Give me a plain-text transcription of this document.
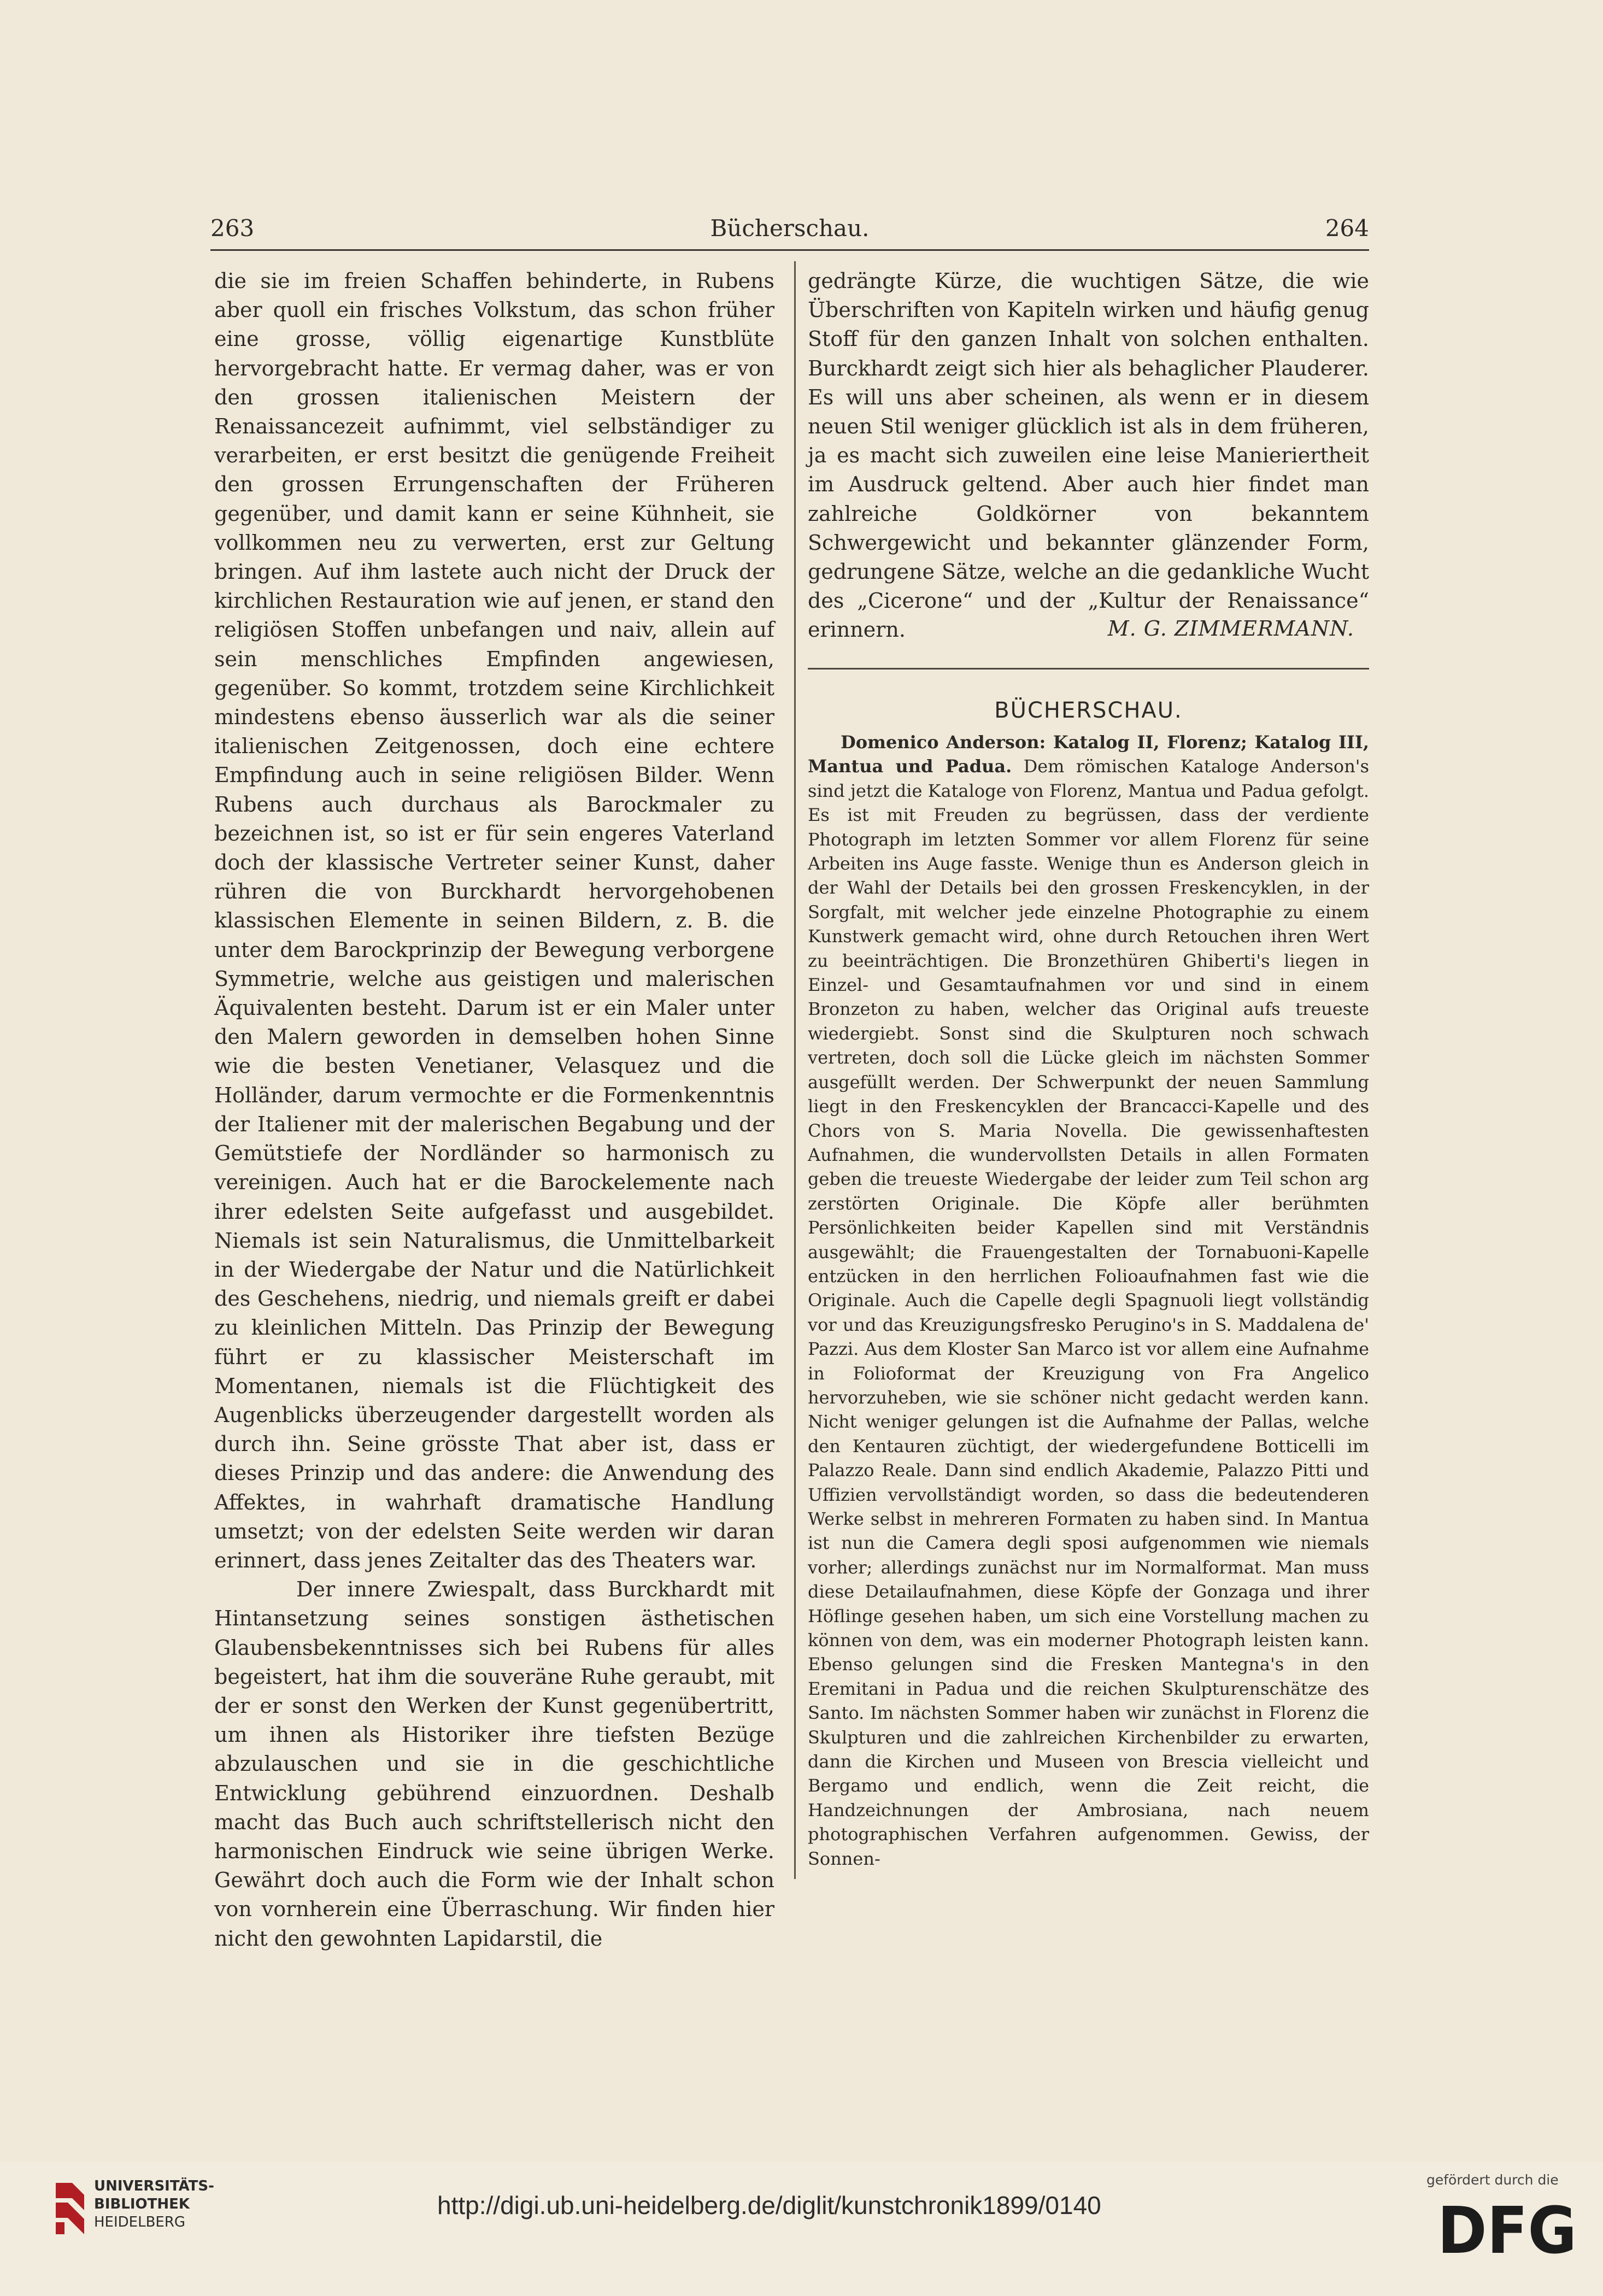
263	Bücherschau.	264

die sie im freien Schaffen behinderte, in Rubens aber quoll ein frisches Volkstum, das schon früher eine grosse, völlig eigenartige Kunstblüte hervorgebracht hatte. Er vermag daher, was er von den grossen italienischen Meistern der Renaissancezeit aufnimmt, viel selbständiger zu verarbeiten, er erst besitzt die genügende Freiheit den grossen Errungenschaften der Früheren gegenüber, und damit kann er seine Kühnheit, sie vollkommen neu zu verwerten, erst zur Geltung bringen. Auf ihm lastete auch nicht der Druck der kirchlichen Restauration wie auf jenen, er stand den religiösen Stoffen unbefangen und naiv, allein auf sein menschliches Empfinden angewiesen, gegenüber. So kommt, trotzdem seine Kirchlichkeit mindestens ebenso äusserlich war als die seiner italienischen Zeitgenossen, doch eine echtere Empfindung auch in seine religiösen Bilder. Wenn Rubens auch durchaus als Barockmaler zu bezeichnen ist, so ist er für sein engeres Vaterland doch der klassische Vertreter seiner Kunst, daher rühren die von Burckhardt hervorgehobenen klassischen Elemente in seinen Bildern, z. B. die unter dem Barockprinzip der Bewegung verborgene Symmetrie, welche aus geistigen und malerischen Äquivalenten besteht. Darum ist er ein Maler unter den Malern geworden in demselben hohen Sinne wie die besten Venetianer, Velasquez und die Holländer, darum vermochte er die Formenkenntnis der Italiener mit der malerischen Begabung und der Gemütstiefe der Nordländer so harmonisch zu vereinigen. Auch hat er die Barockelemente nach ihrer edelsten Seite aufgefasst und ausgebildet. Niemals ist sein Naturalismus, die Unmittelbarkeit in der Wiedergabe der Natur und die Natürlichkeit des Geschehens, niedrig, und niemals greift er dabei zu kleinlichen Mitteln. Das Prinzip der Bewegung führt er zu klassischer Meisterschaft im Momentanen, niemals ist die Flüchtigkeit des Augenblicks überzeugender dargestellt worden als durch ihn. Seine grösste That aber ist, dass er dieses Prinzip und das andere: die Anwendung des Affektes, in wahrhaft dramatische Handlung umsetzt; von der edelsten Seite werden wir daran erinnert, dass jenes Zeitalter das des Theaters war.

Der innere Zwiespalt, dass Burckhardt mit Hintansetzung seines sonstigen ästhetischen Glaubensbekenntnisses sich bei Rubens für alles begeistert, hat ihm die souveräne Ruhe geraubt, mit der er sonst den Werken der Kunst gegenübertritt, um ihnen als Historiker ihre tiefsten Bezüge abzulauschen und sie in die geschichtliche Entwicklung gebührend einzuordnen. Deshalb macht das Buch auch schriftstellerisch nicht den harmonischen Eindruck wie seine übrigen Werke. Gewährt doch auch die Form wie der Inhalt schon von vornherein eine Überraschung. Wir finden hier nicht den gewohnten Lapidarstil, die

gedrängte Kürze, die wuchtigen Sätze, die wie Überschriften von Kapiteln wirken und häufig genug Stoff für den ganzen Inhalt von solchen enthalten. Burckhardt zeigt sich hier als behaglicher Plauderer. Es will uns aber scheinen, als wenn er in diesem neuen Stil weniger glücklich ist als in dem früheren, ja es macht sich zuweilen eine leise Manieriertheit im Ausdruck geltend. Aber auch hier findet man zahlreiche Goldkörner von bekanntem Schwergewicht und bekannter glänzender Form, gedrungene Sätze, welche an die gedankliche Wucht des „Cicerone“ und der „Kultur der Renaissance“ erinnern.	M. G. ZIMMERMANN.
BÜCHERSCHAU.

Domenico Anderson: Katalog II, Florenz; Katalog III, Mantua und Padua. Dem römischen Kataloge Anderson's sind jetzt die Kataloge von Florenz, Mantua und Padua gefolgt. Es ist mit Freuden zu begrüssen, dass der verdiente Photograph im letzten Sommer vor allem Florenz für seine Arbeiten ins Auge fasste. Wenige thun es Anderson gleich in der Wahl der Details bei den grossen Freskencyklen, in der Sorgfalt, mit welcher jede einzelne Photographie zu einem Kunstwerk gemacht wird, ohne durch Retouchen ihren Wert zu beeinträchtigen. Die Bronzethüren Ghiberti's liegen in Einzel- und Gesamtaufnahmen vor und sind in einem Bronzeton zu haben, welcher das Original aufs treueste wiedergiebt. Sonst sind die Skulpturen noch schwach vertreten, doch soll die Lücke gleich im nächsten Sommer ausgefüllt werden. Der Schwerpunkt der neuen Sammlung liegt in den Freskencyklen der Brancacci-Kapelle und des Chors von S. Maria Novella. Die gewissenhaftesten Aufnahmen, die wundervollsten Details in allen Formaten geben die treueste Wiedergabe der leider zum Teil schon arg zerstörten Originale. Die Köpfe aller berühmten Persönlichkeiten beider Kapellen sind mit Verständnis ausgewählt; die Frauengestalten der Tornabuoni-Kapelle entzücken in den herrlichen Folioaufnahmen fast wie die Originale. Auch die Capelle degli Spagnuoli liegt vollständig vor und das Kreuzigungsfresko Perugino's in S. Maddalena de' Pazzi. Aus dem Kloster San Marco ist vor allem eine Aufnahme in Folioformat der Kreuzigung von Fra Angelico hervorzuheben, wie sie schöner nicht gedacht werden kann. Nicht weniger gelungen ist die Aufnahme der Pallas, welche den Kentauren züchtigt, der wiedergefundene Botticelli im Palazzo Reale. Dann sind endlich Akademie, Palazzo Pitti und Uffizien vervollständigt worden, so dass die bedeutenderen Werke selbst in mehreren Formaten zu haben sind. In Mantua ist nun die Camera degli sposi aufgenommen wie niemals vorher; allerdings zunächst nur im Normalformat. Man muss diese Detailaufnahmen, diese Köpfe der Gonzaga und ihrer Höflinge gesehen haben, um sich eine Vorstellung machen zu können von dem, was ein moderner Photograph leisten kann. Ebenso gelungen sind die Fresken Mantegna's in den Eremitani in Padua und die reichen Skulpturenschätze des Santo. Im nächsten Sommer haben wir zunächst in Florenz die Skulpturen und die zahlreichen Kirchenbilder zu erwarten, dann die Kirchen und Museen von Brescia vielleicht und Bergamo und endlich, wenn die Zeit reicht, die Handzeichnungen der Ambrosiana, nach neuem photographischen Verfahren aufgenommen. Gewiss, der Sonnen-

UNIVERSITÄTS-
BIBLIOTHEK
HEIDELBERG
http://digi.ub.uni-heidelberg.de/diglit/kunstchronik1899/0140
gefördert durch die
DFG
